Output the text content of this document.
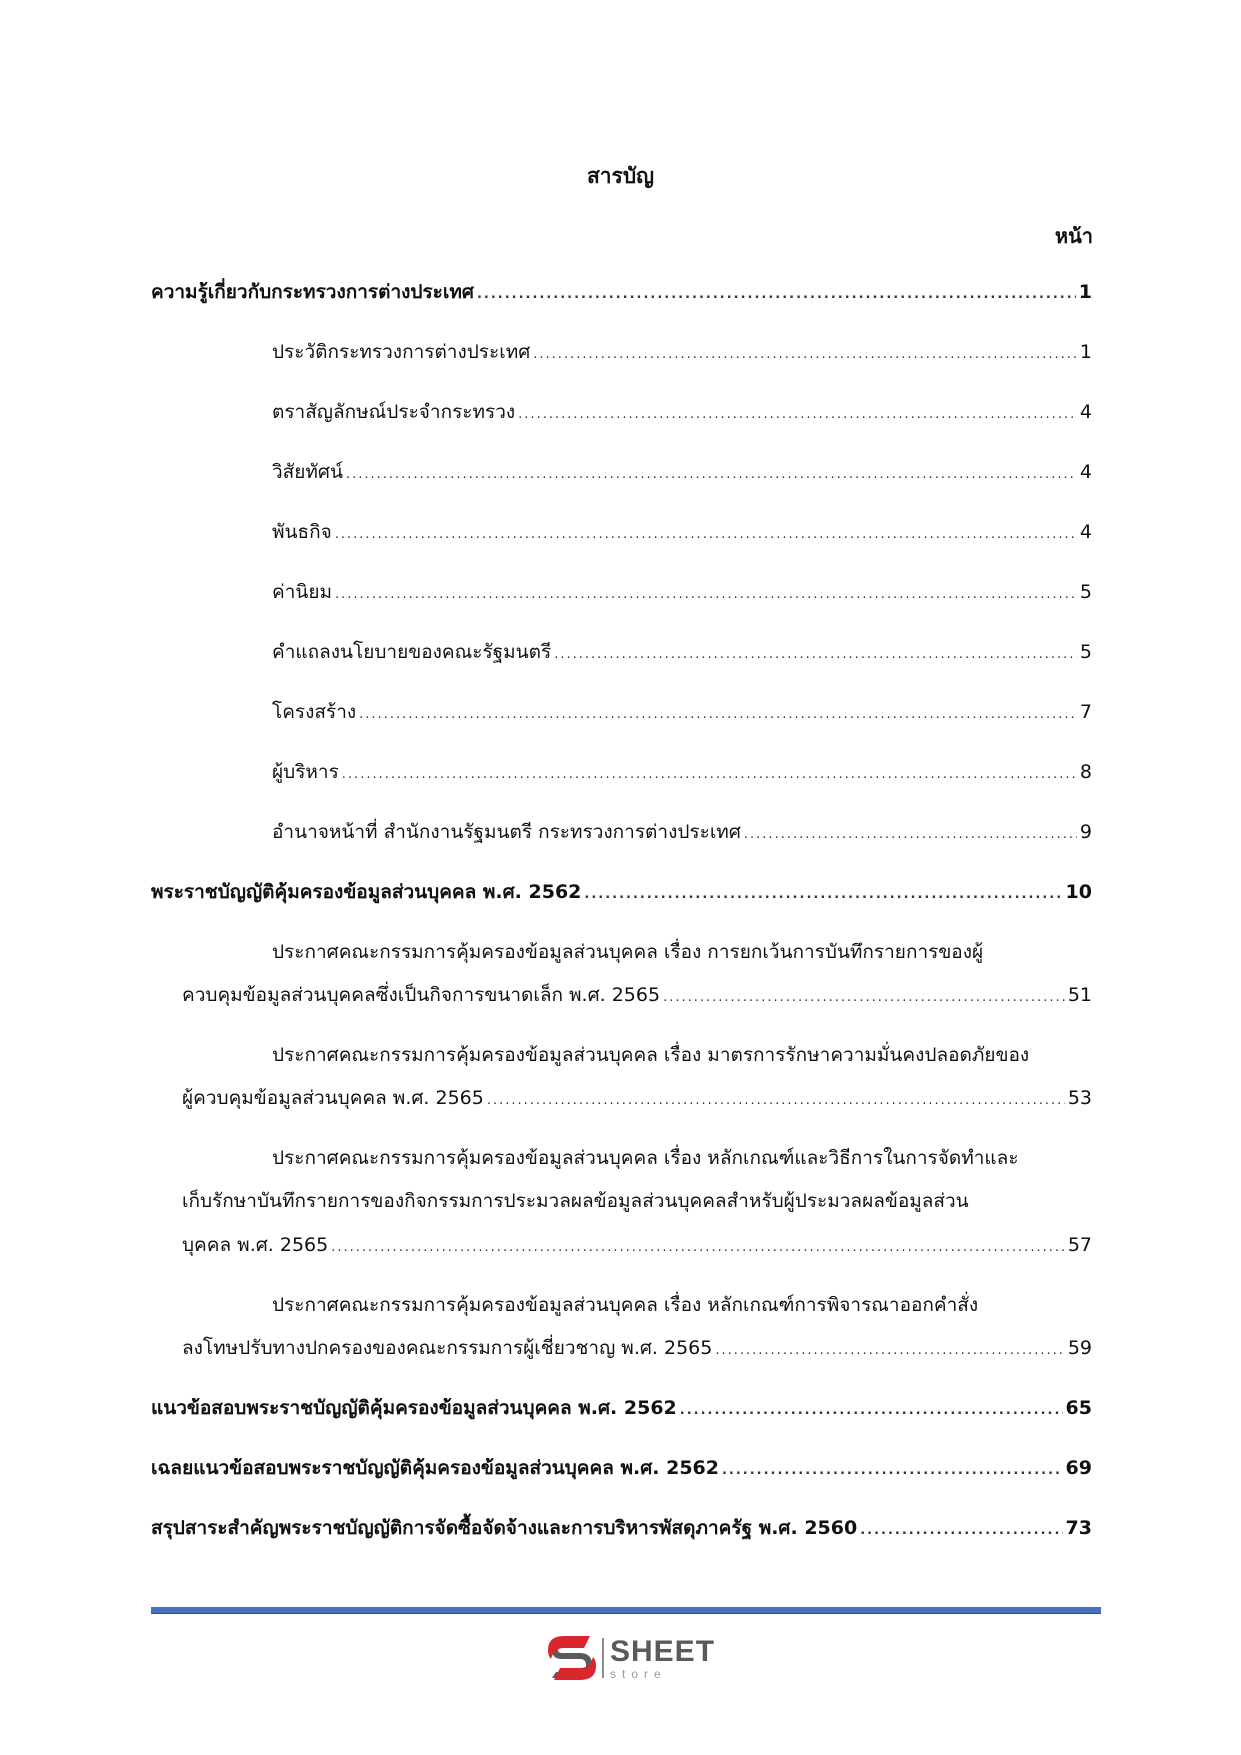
สารบัญ
หน้า
ความรู้เกี่ยวกับกระทรวงการต่างประเทศ .....	1
ประวัติกระทรวงการต่างประเทศ .....	1
ตราสัญลักษณ์ประจำกระทรวง .....	4
วิสัยทัศน์ .....	4
พันธกิจ .....	4
ค่านิยม .....	5
คำแถลงนโยบายของคณะรัฐมนตรี .....	5
โครงสร้าง .....	7
ผู้บริหาร .....	8
อำนาจหน้าที่ สำนักงานรัฐมนตรี กระทรวงการต่างประเทศ .....	9
พระราชบัญญัติคุ้มครองข้อมูลส่วนบุคคล พ.ศ. 2562 .....	10
ประกาศคณะกรรมการคุ้มครองข้อมูลส่วนบุคคล เรื่อง การยกเว้นการบันทึกรายการของผู้
ควบคุมข้อมูลส่วนบุคคลซึ่งเป็นกิจการขนาดเล็ก พ.ศ. 2565 .....	51
ประกาศคณะกรรมการคุ้มครองข้อมูลส่วนบุคคล เรื่อง มาตรการรักษาความมั่นคงปลอดภัยของ
ผู้ควบคุมข้อมูลส่วนบุคคล พ.ศ. 2565 .....	53
ประกาศคณะกรรมการคุ้มครองข้อมูลส่วนบุคคล เรื่อง หลักเกณฑ์และวิธีการในการจัดทำและ
เก็บรักษาบันทึกรายการของกิจกรรมการประมวลผลข้อมูลส่วนบุคคลสำหรับผู้ประมวลผลข้อมูลส่วน
บุคคล พ.ศ. 2565 .....	57
ประกาศคณะกรรมการคุ้มครองข้อมูลส่วนบุคคล เรื่อง หลักเกณฑ์การพิจารณาออกคำสั่ง
ลงโทษปรับทางปกครองของคณะกรรมการผู้เชี่ยวชาญ พ.ศ. 2565 .....	59
แนวข้อสอบพระราชบัญญัติคุ้มครองข้อมูลส่วนบุคคล พ.ศ. 2562 .....	65
เฉลยแนวข้อสอบพระราชบัญญัติคุ้มครองข้อมูลส่วนบุคคล พ.ศ. 2562 .....	69
สรุปสาระสำคัญพระราชบัญญัติการจัดซื้อจัดจ้างและการบริหารพัสดุภาครัฐ พ.ศ. 2560 .....	73
SHEET
store
